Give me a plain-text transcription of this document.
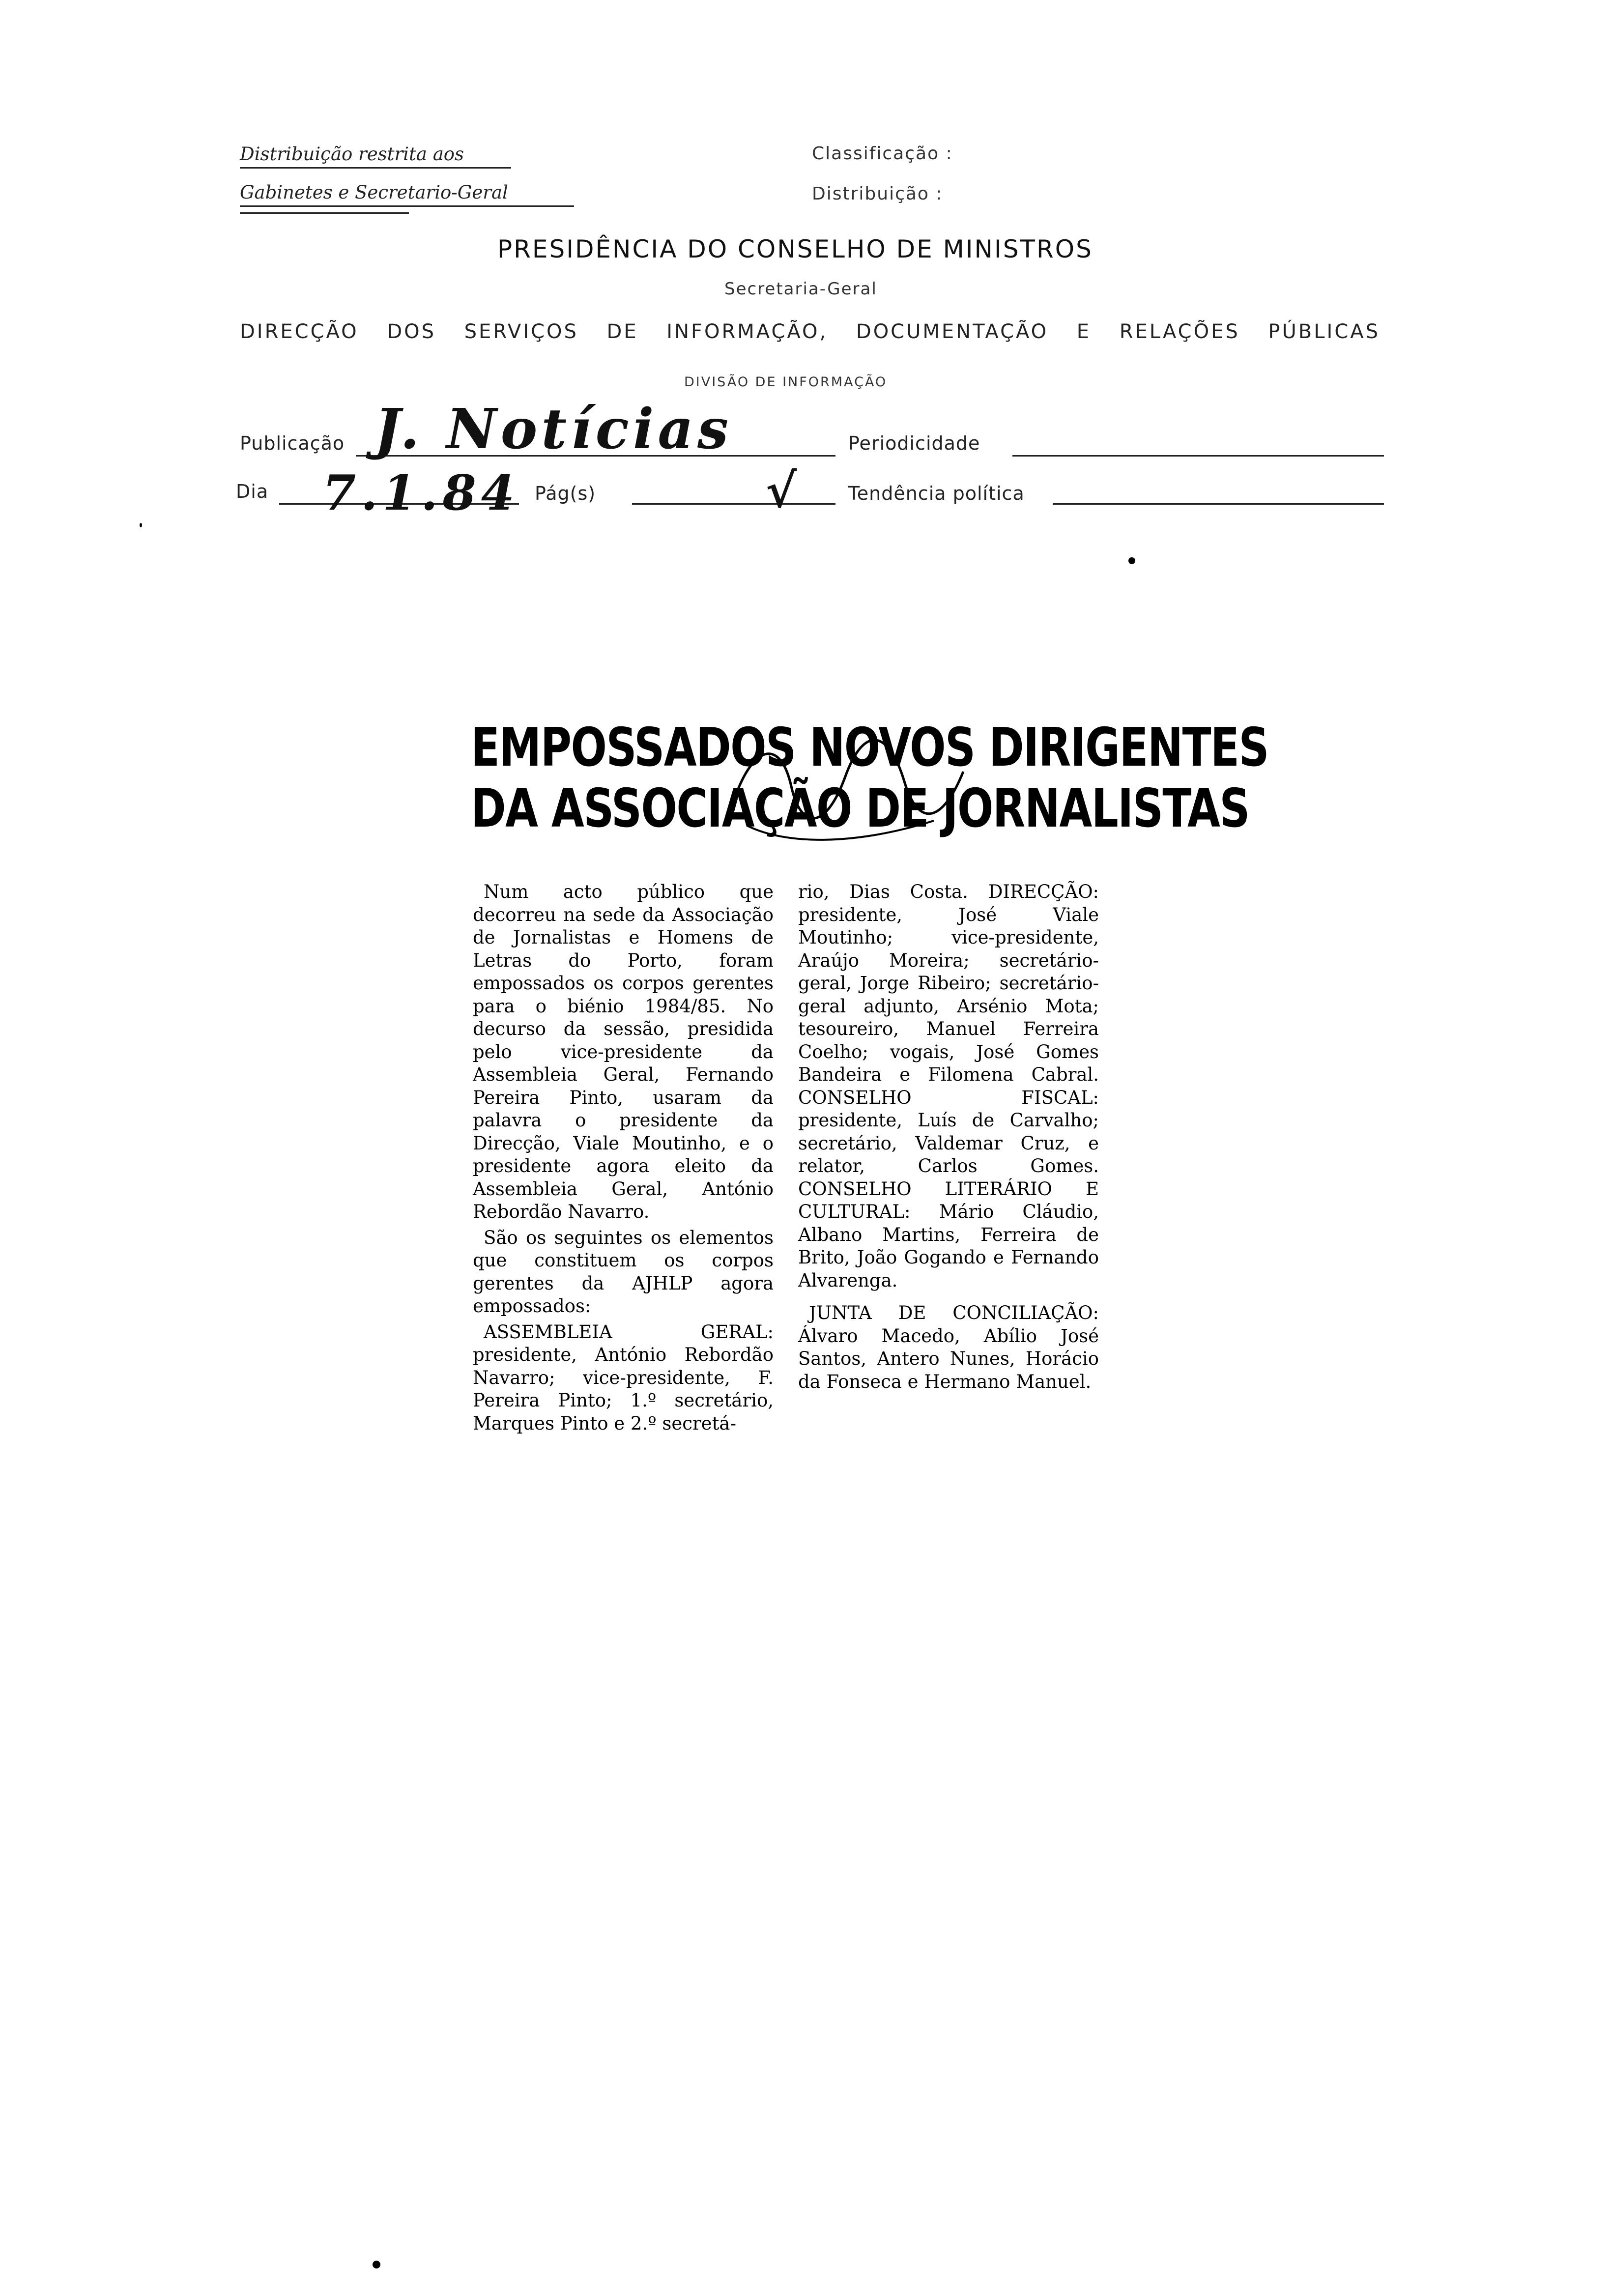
Distribuição restrita aos
Gabinetes e Secretario-Geral
Classificação :
Distribuição :
PRESIDÊNCIA DO CONSELHO DE MINISTROS
Secretaria-Geral
DIRECÇÃO DOS SERVIÇOS DE INFORMAÇÃO, DOCUMENTAÇÃO E RELAÇÕES PÚBLICAS
DIVISÃO DE INFORMAÇÃO
Publicação J. Notícias	Periodicidade
Dia 7.1.84 Pág(s)	√	Tendência política
EMPOSSADOS NOVOS DIRIGENTES
DA ASSOCIAÇÃO DE JORNALISTAS

Num acto público que decorreu na sede da Associação de Jornalistas e Homens de Letras do Porto, foram empossados os corpos gerentes para o biénio 1984/85. No decurso da sessão, presidida pelo vice-presidente da Assembleia Geral, Fernando Pereira Pinto, usaram da palavra o presidente da Direcção, Viale Moutinho, e o presidente agora eleito da Assembleia Geral, António Rebordão Navarro.

São os seguintes os elementos que constituem os corpos gerentes da AJHLP agora empossados:

ASSEMBLEIA GERAL: presidente, António Rebordão Navarro; vice-presidente, F. Pereira Pinto; 1.º secretário, Marques Pinto e 2.º secretá-

rio, Dias Costa. DIRECÇÃO: presidente, José Viale Moutinho; vice-presidente, Araújo Moreira; secretário-geral, Jorge Ribeiro; secretário-geral adjunto, Arsénio Mota; tesoureiro, Manuel Ferreira Coelho; vogais, José Gomes Bandeira e Filomena Cabral. CONSELHO FISCAL: presidente, Luís de Carvalho; secretário, Valdemar Cruz, e relator, Carlos Gomes. CONSELHO LITERÁRIO E CULTURAL: Mário Cláudio, Albano Martins, Ferreira de Brito, João Gogando e Fernando Alvarenga.

JUNTA DE CONCILIAÇÃO: Álvaro Macedo, Abílio José Santos, Antero Nunes, Horácio da Fonseca e Hermano Manuel.
